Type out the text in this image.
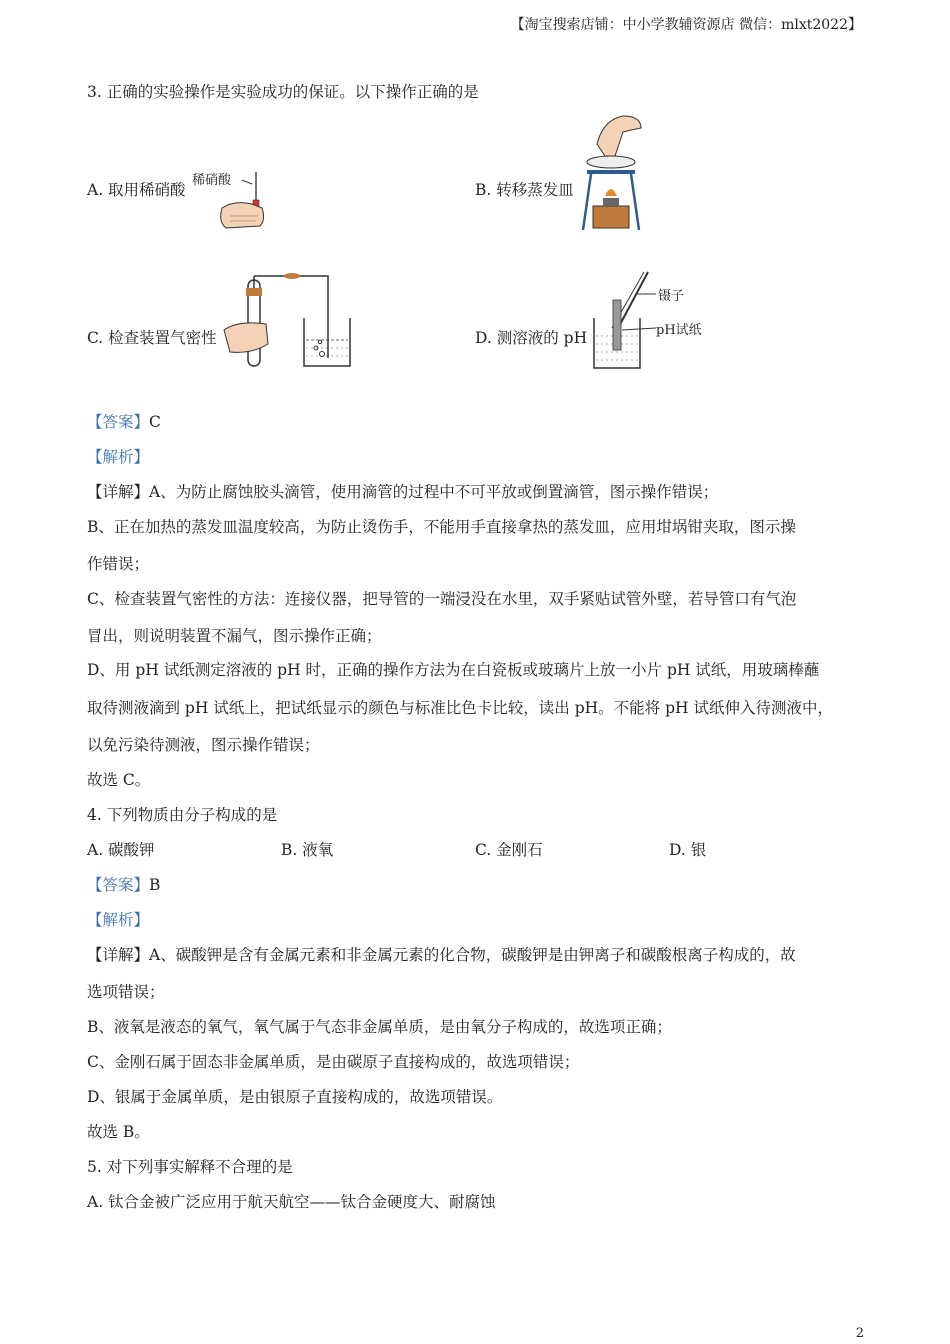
【淘宝搜索店铺：中小学教辅资源店 微信：mlxt2022】
3. 正确的实验操作是实验成功的保证。以下操作正确的是
A. 取用稀硝酸	B. 转移蒸发皿
C. 检查装置气密性	D. 测溶液的 pH
稀硝酸
镊子
pH试纸
【答案】C
【解析】
【详解】A、为防止腐蚀胶头滴管，使用滴管的过程中不可平放或倒置滴管，图示操作错误；
B、正在加热的蒸发皿温度较高，为防止烫伤手，不能用手直接拿热的蒸发皿，应用坩埚钳夹取，图示操
作错误；
C、检查装置气密性的方法：连接仪器，把导管的一端浸没在水里，双手紧贴试管外壁，若导管口有气泡
冒出，则说明装置不漏气，图示操作正确；
D、用 pH 试纸测定溶液的 pH 时，正确的操作方法为在白瓷板或玻璃片上放一小片 pH 试纸，用玻璃棒蘸
取待测液滴到 pH 试纸上，把试纸显示的颜色与标准比色卡比较，读出 pH。不能将 pH 试纸伸入待测液中，
以免污染待测液，图示操作错误；
故选 C。
4. 下列物质由分子构成的是
A. 碳酸钾	B. 液氧	C. 金刚石	D. 银
【答案】B
【解析】
【详解】A、碳酸钾是含有金属元素和非金属元素的化合物，碳酸钾是由钾离子和碳酸根离子构成的，故
选项错误；
B、液氧是液态的氧气，氧气属于气态非金属单质，是由氧分子构成的，故选项正确；
C、金刚石属于固态非金属单质，是由碳原子直接构成的，故选项错误；
D、银属于金属单质，是由银原子直接构成的，故选项错误。
故选 B。
5. 对下列事实解释不合理的是
A. 钛合金被广泛应用于航天航空——钛合金硬度大、耐腐蚀
2
